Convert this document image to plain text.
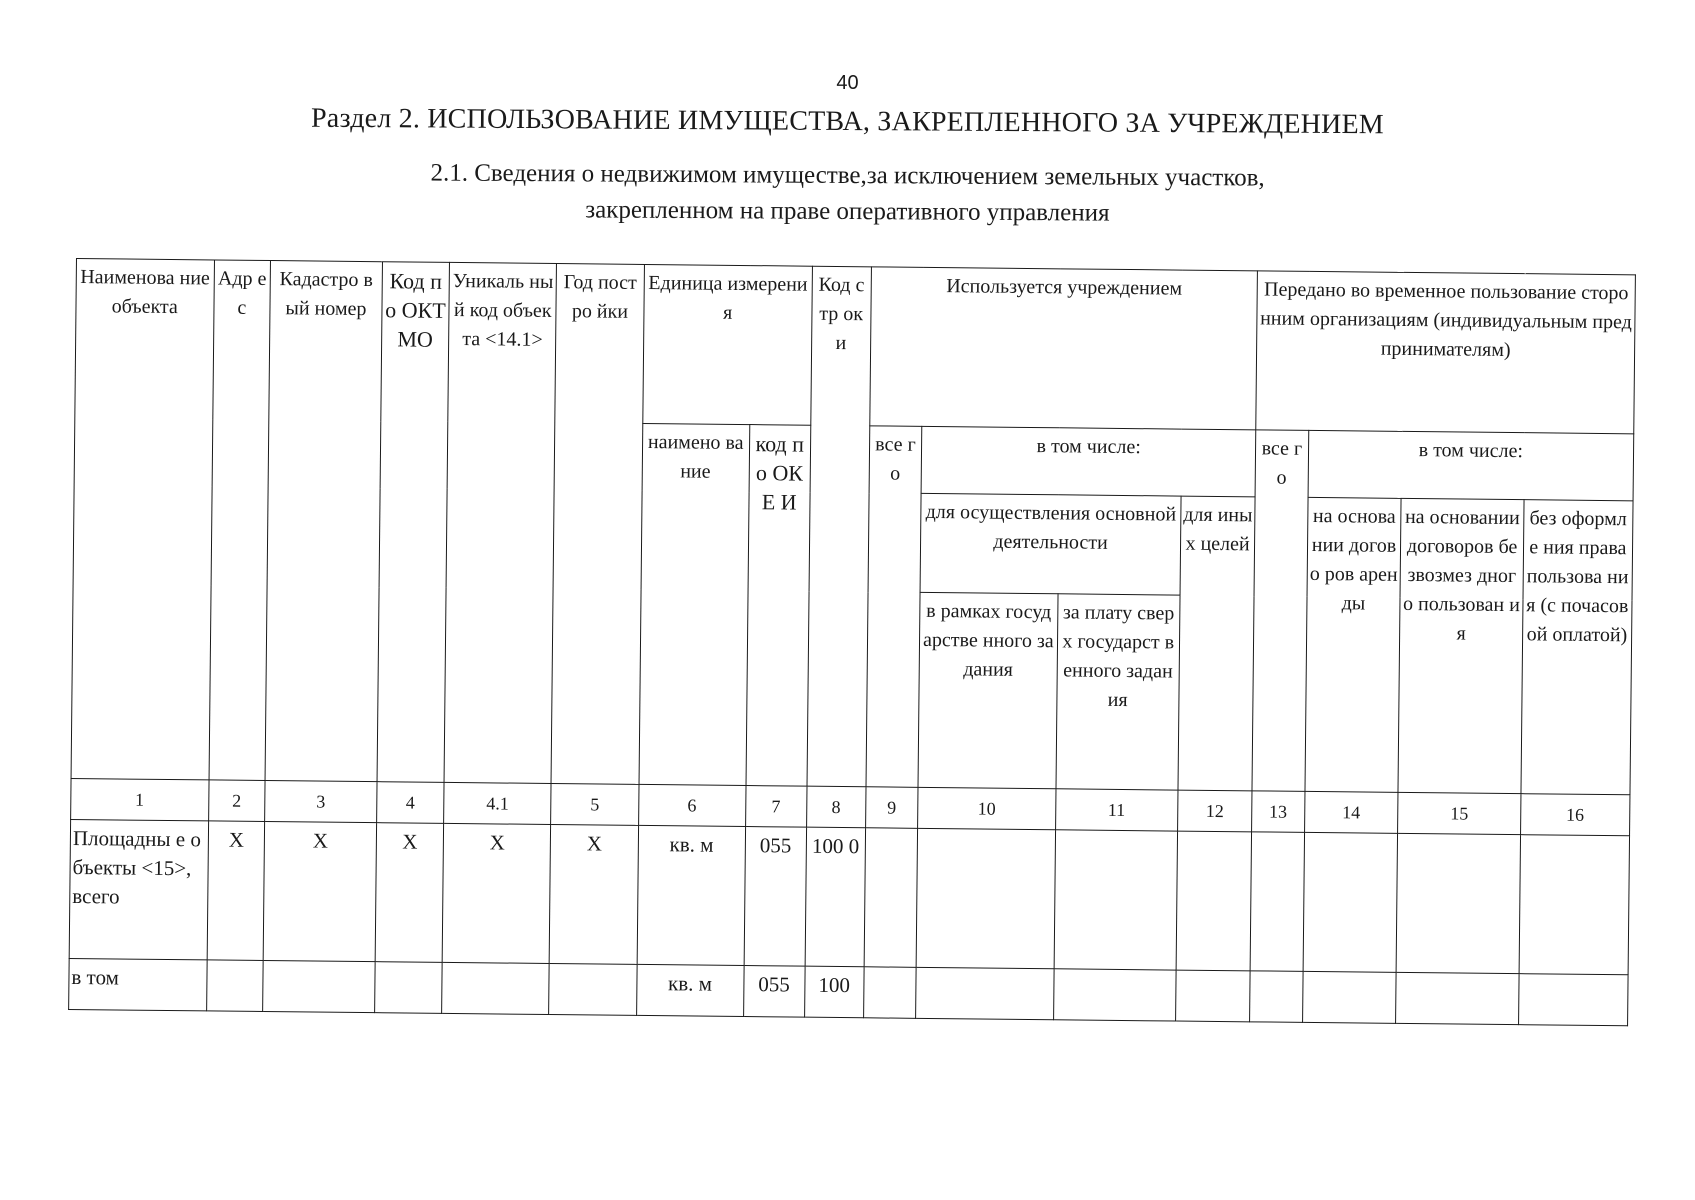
40
Раздел 2. ИСПОЛЬЗОВАНИЕ ИМУЩЕСТВА, ЗАКРЕПЛЕННОГО ЗА УЧРЕЖДЕНИЕМ
2.1. Сведения о недвижимом имуществе,за исключением земельных участков,
закрепленном на праве оперативного управления
Наименова ние объекта	Адр ес	Кадастро вый номер	Код по ОКТ МО	Уникаль ный код объекта <14.1>	Год постро йки	Единица измерения		Код стр оки	Используется учреждением				Передано во временное пользование сторонним организациям (индивидуальным предпринимателям)			
						наимено вание	код по ОКЕ И		все го	в том числе:			все го	в том числе:		
										для осуществления основной деятельности		для иных целей		на основа нии догово ров аренды	на основании договоров безвозмез дного пользован ия	без оформле ния права пользова ния (с почасов ой оплатой)
										в рамках государстве нного задания	за плату сверх государст венного задания					
1	2	3	4	4.1	5	6	7	8	9	10	11	12	13	14	15	16
Площадны е объекты <15>, всего	X	X	X	X	X	кв. м	055	100 0								
в том						кв. м	055	100								
